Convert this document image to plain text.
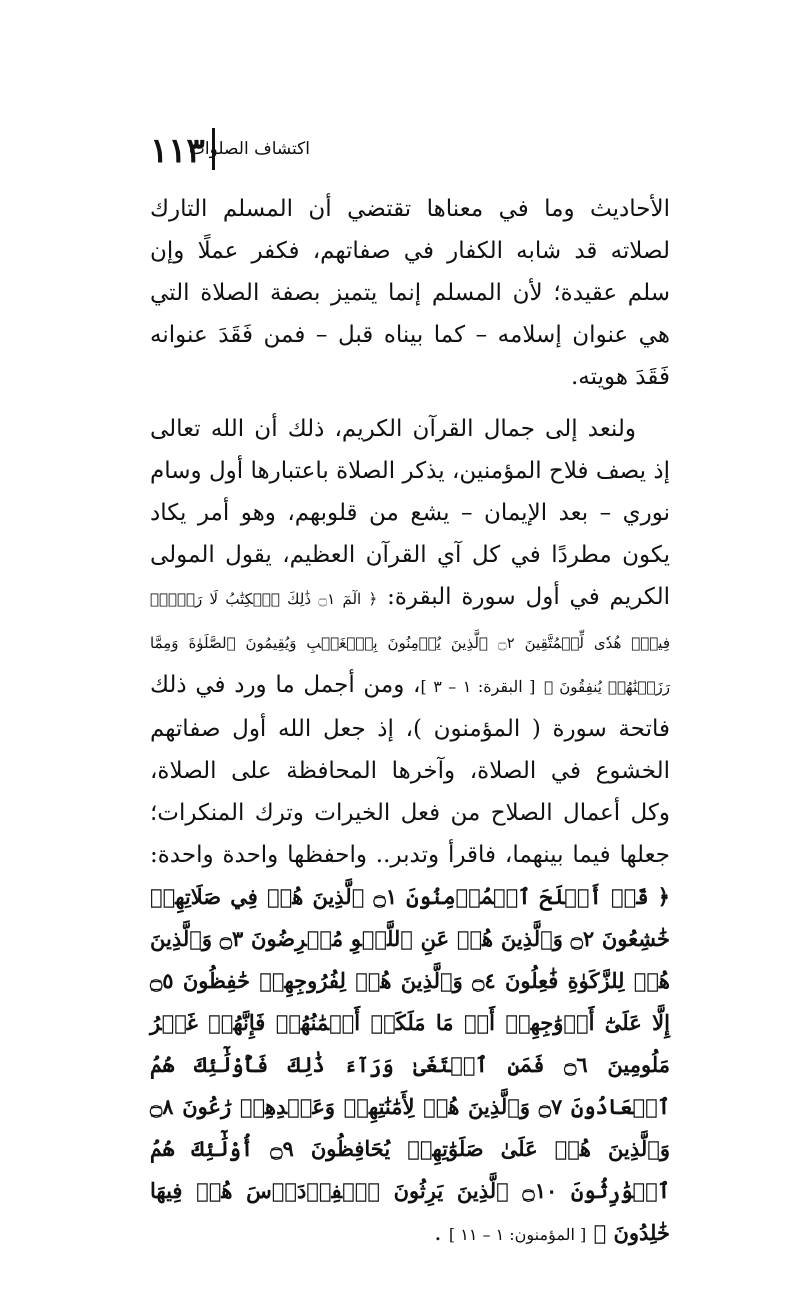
١١٣
اكتشاف الصلوات

الأحاديث وما في معناها تقتضي أن المسلم التارك لصلاته قد شابه الكفار في صفاتهم، فكفر عملًا وإن سلم عقيدة؛ لأن المسلم إنما يتميز بصفة الصلاة التي هي عنوان إسلامه – كما بيناه قبل – فمن فَقَدَ عنوانه فَقَدَ هويته.

ولنعد إلى جمال القرآن الكريم، ذلك أن الله تعالى إذ يصف فلاح المؤمنين، يذكر الصلاة باعتبارها أول وسام نوري – بعد الإيمان – يشع من قلوبهم، وهو أمر يكاد يكون مطردًا في كل آي القرآن العظيم، يقول المولى الكريم في أول سورة البقرة: ﴿ الٓمٓ ۝١ ذَٰلِكَ ٱلۡكِتَٰبُ لَا رَيۡبَۛ فِيهِۛ هُدٗى لِّلۡمُتَّقِينَ ۝٢ ٱلَّذِينَ يُؤۡمِنُونَ بِٱلۡغَيۡبِ وَيُقِيمُونَ ٱلصَّلَوٰةَ وَمِمَّا رَزَقۡنَٰهُمۡ يُنفِقُونَ ﴾ [ البقرة: ١ – ٣ ]، ومن أجمل ما ورد في ذلك فاتحة سورة ( المؤمنون )، إذ جعل الله أول صفاتهم الخشوع في الصلاة، وآخرها المحافظة على الصلاة، وكل أعمال الصلاح من فعل الخيرات وترك المنكرات؛ جعلها فيما بينهما، فاقرأ وتدبر.. واحفظها واحدة واحدة: ﴿ قَدۡ أَفۡلَحَ ٱلۡمُؤۡمِنُونَ ۝١ ٱلَّذِينَ هُمۡ فِي صَلَاتِهِمۡ خَٰشِعُونَ ۝٢ وَٱلَّذِينَ هُمۡ عَنِ ٱللَّغۡوِ مُعۡرِضُونَ ۝٣ وَٱلَّذِينَ هُمۡ لِلزَّكَوٰةِ فَٰعِلُونَ ۝٤ وَٱلَّذِينَ هُمۡ لِفُرُوجِهِمۡ حَٰفِظُونَ ۝٥ إِلَّا عَلَىٰٓ أَزۡوَٰجِهِمۡ أَوۡ مَا مَلَكَتۡ أَيۡمَٰنُهُمۡ فَإِنَّهُمۡ غَيۡرُ مَلُومِينَ ۝٦ فَمَنِ ٱبۡتَغَىٰ وَرَآءَ ذَٰلِكَ فَأُوْلَٰٓئِكَ هُمُ ٱلۡعَادُونَ ۝٧ وَٱلَّذِينَ هُمۡ لِأَمَٰنَٰتِهِمۡ وَعَهۡدِهِمۡ رَٰعُونَ ۝٨ وَٱلَّذِينَ هُمۡ عَلَىٰ صَلَوَٰتِهِمۡ يُحَافِظُونَ ۝٩ أُوْلَٰٓئِكَ هُمُ ٱلۡوَٰرِثُونَ ۝١٠ ٱلَّذِينَ يَرِثُونَ ٱلۡفِرۡدَوۡسَ هُمۡ فِيهَا خَٰلِدُونَ ﴾ [ المؤمنون: ١ – ١١ ] .
